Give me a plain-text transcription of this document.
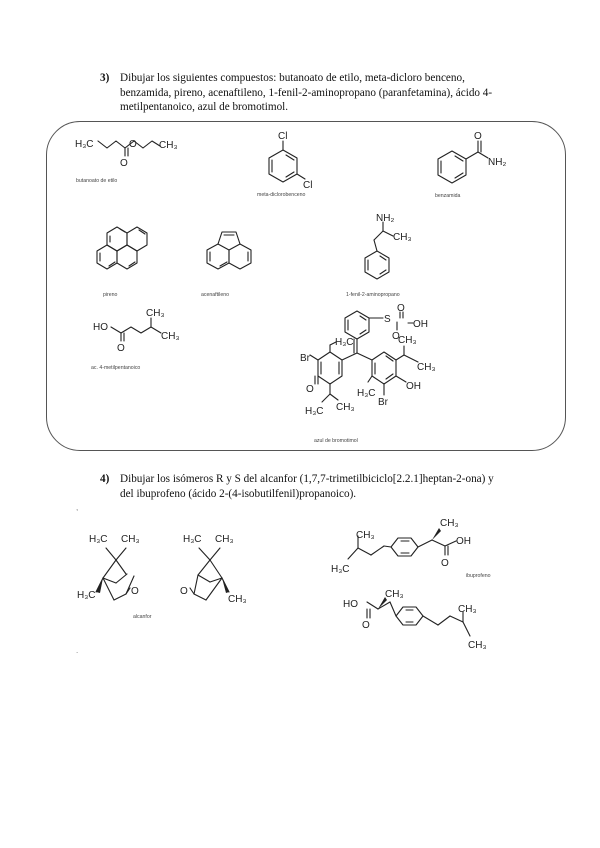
3) Dibujar los siguientes compuestos: butanoato de etilo, meta-dicloro benceno, benzamida, pireno, acenaftileno, 1-fenil-2-aminopropano (paranfetamina), ácido 4-metilpentanoico, azul de bromotimol.
4) Dibujar los isómeros R y S del alcanfor (1,7,7-trimetilbiciclo[2.2.1]heptan-2-ona) y del ibuprofeno (ácido 2-(4-isobutilfenil)propanoico).
,
.
H₃C	O
O
CH₃
Cl
Cl
O
NH₂
NH₂
CH₃
HO
O
CH₃
CH₃
S
O
O
OH
Br
H₃C
O
H₃C CH₃
H₃C
CH₃
CH₃
OH
Br
H₃C CH₃
H₃C	O
H₃C CH₃
O
CH₃
CH₃
H₃C
CH₃
OH
O
HO
O
CH₃
CH₃
CH₃
butanoato de etilo
meta-diclorobenceno	benzamida
pireno	acenaftileno	1-fenil-2-aminopropano
ac. 4-metilpentanoico
azul de bromotimol
alcanfor
ibuprofeno
